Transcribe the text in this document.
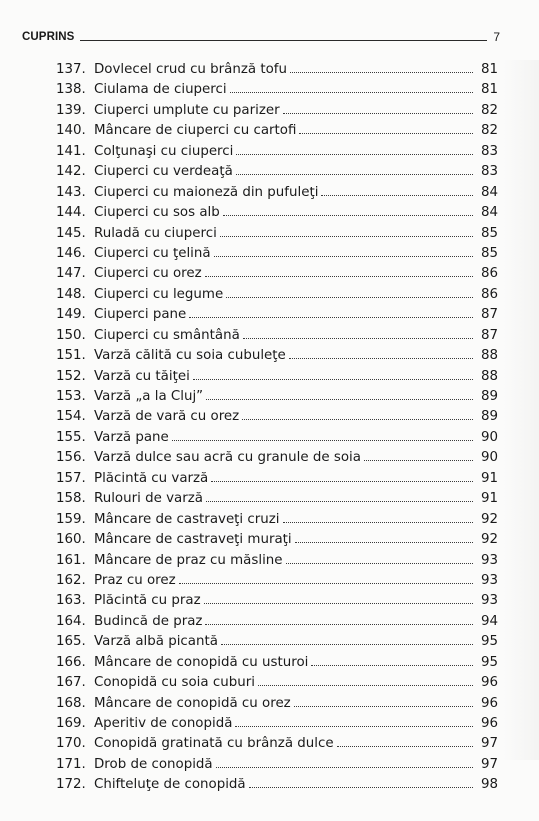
CUPRINS	7
137. Dovlecel crud cu brânză tofu	81
138. Ciulama de ciuperci	81
139. Ciuperci umplute cu parizer	82
140. Mâncare de ciuperci cu cartofi	82
141. Colţunaşi cu ciuperci	83
142. Ciuperci cu verdeaţă	83
143. Ciuperci cu maioneză din pufuleţi	84
144. Ciuperci cu sos alb	84
145. Ruladă cu ciuperci	85
146. Ciuperci cu ţelină	85
147. Ciuperci cu orez	86
148. Ciuperci cu legume	86
149. Ciuperci pane	87
150. Ciuperci cu smântână	87
151. Varză călită cu soia cubuleţe	88
152. Varză cu tăiţei	88
153. Varză „a la Cluj”	89
154. Varză de vară cu orez	89
155. Varză pane	90
156. Varză dulce sau acră cu granule de soia	90
157. Plăcintă cu varză	91
158. Rulouri de varză	91
159. Mâncare de castraveţi cruzi	92
160. Mâncare de castraveţi muraţi	92
161. Mâncare de praz cu măsline	93
162. Praz cu orez	93
163. Plăcintă cu praz	93
164. Budincă de praz	94
165. Varză albă picantă	95
166. Mâncare de conopidă cu usturoi	95
167. Conopidă cu soia cuburi	96
168. Mâncare de conopidă cu orez	96
169. Aperitiv de conopidă	96
170. Conopidă gratinată cu brânză dulce	97
171. Drob de conopidă	97
172. Chifteluţe de conopidă	98
